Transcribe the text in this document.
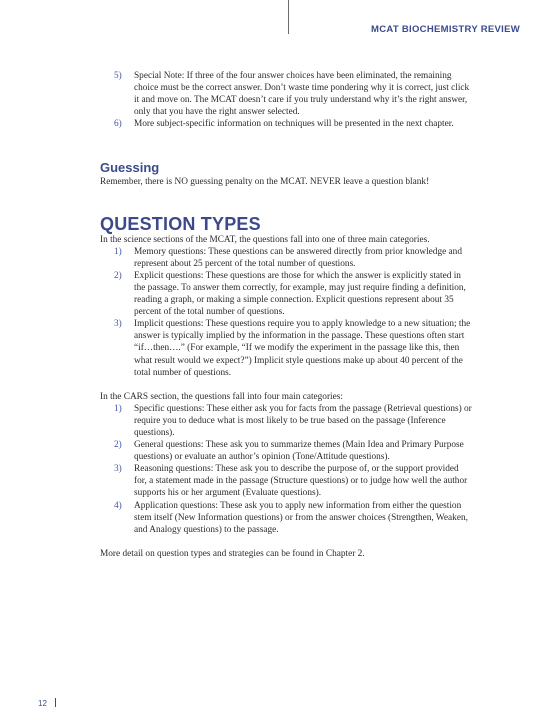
MCAT BIOCHEMISTRY REVIEW
5) Special Note: If three of the four answer choices have been eliminated, the remaining choice must be the correct answer. Don’t waste time pondering why it is correct, just click it and move on. The MCAT doesn’t care if you truly understand why it’s the right answer, only that you have the right answer selected.
6) More subject-specific information on techniques will be presented in the next chapter.
Guessing

Remember, there is NO guessing penalty on the MCAT. NEVER leave a question blank!

QUESTION TYPES

In the science sections of the MCAT, the questions fall into one of three main categories.

1) Memory questions: These questions can be answered directly from prior knowledge and represent about 25 percent of the total number of questions.
2) Explicit questions: These questions are those for which the answer is explicitly stated in the passage. To answer them correctly, for example, may just require finding a definition, reading a graph, or making a simple connection. Explicit questions represent about 35 percent of the total number of questions.
3) Implicit questions: These questions require you to apply knowledge to a new situation; the answer is typically implied by the information in the passage. These questions often start “if…then….” (For example, “If we modify the experiment in the passage like this, then what result would we expect?”) Implicit style questions make up about 40 percent of the total number of questions.

In the CARS section, the questions fall into four main categories:

1) Specific questions: These either ask you for facts from the passage (Retrieval questions) or require you to deduce what is most likely to be true based on the passage (Inference questions).
2) General questions: These ask you to summarize themes (Main Idea and Primary Purpose questions) or evaluate an author’s opinion (Tone/Attitude questions).
3) Reasoning questions: These ask you to describe the purpose of, or the support provided for, a statement made in the passage (Structure questions) or to judge how well the author supports his or her argument (Evaluate questions).
4) Application questions: These ask you to apply new information from either the question stem itself (New Information questions) or from the answer choices (Strengthen, Weaken, and Analogy questions) to the passage.

More detail on question types and strategies can be found in Chapter 2.

12
